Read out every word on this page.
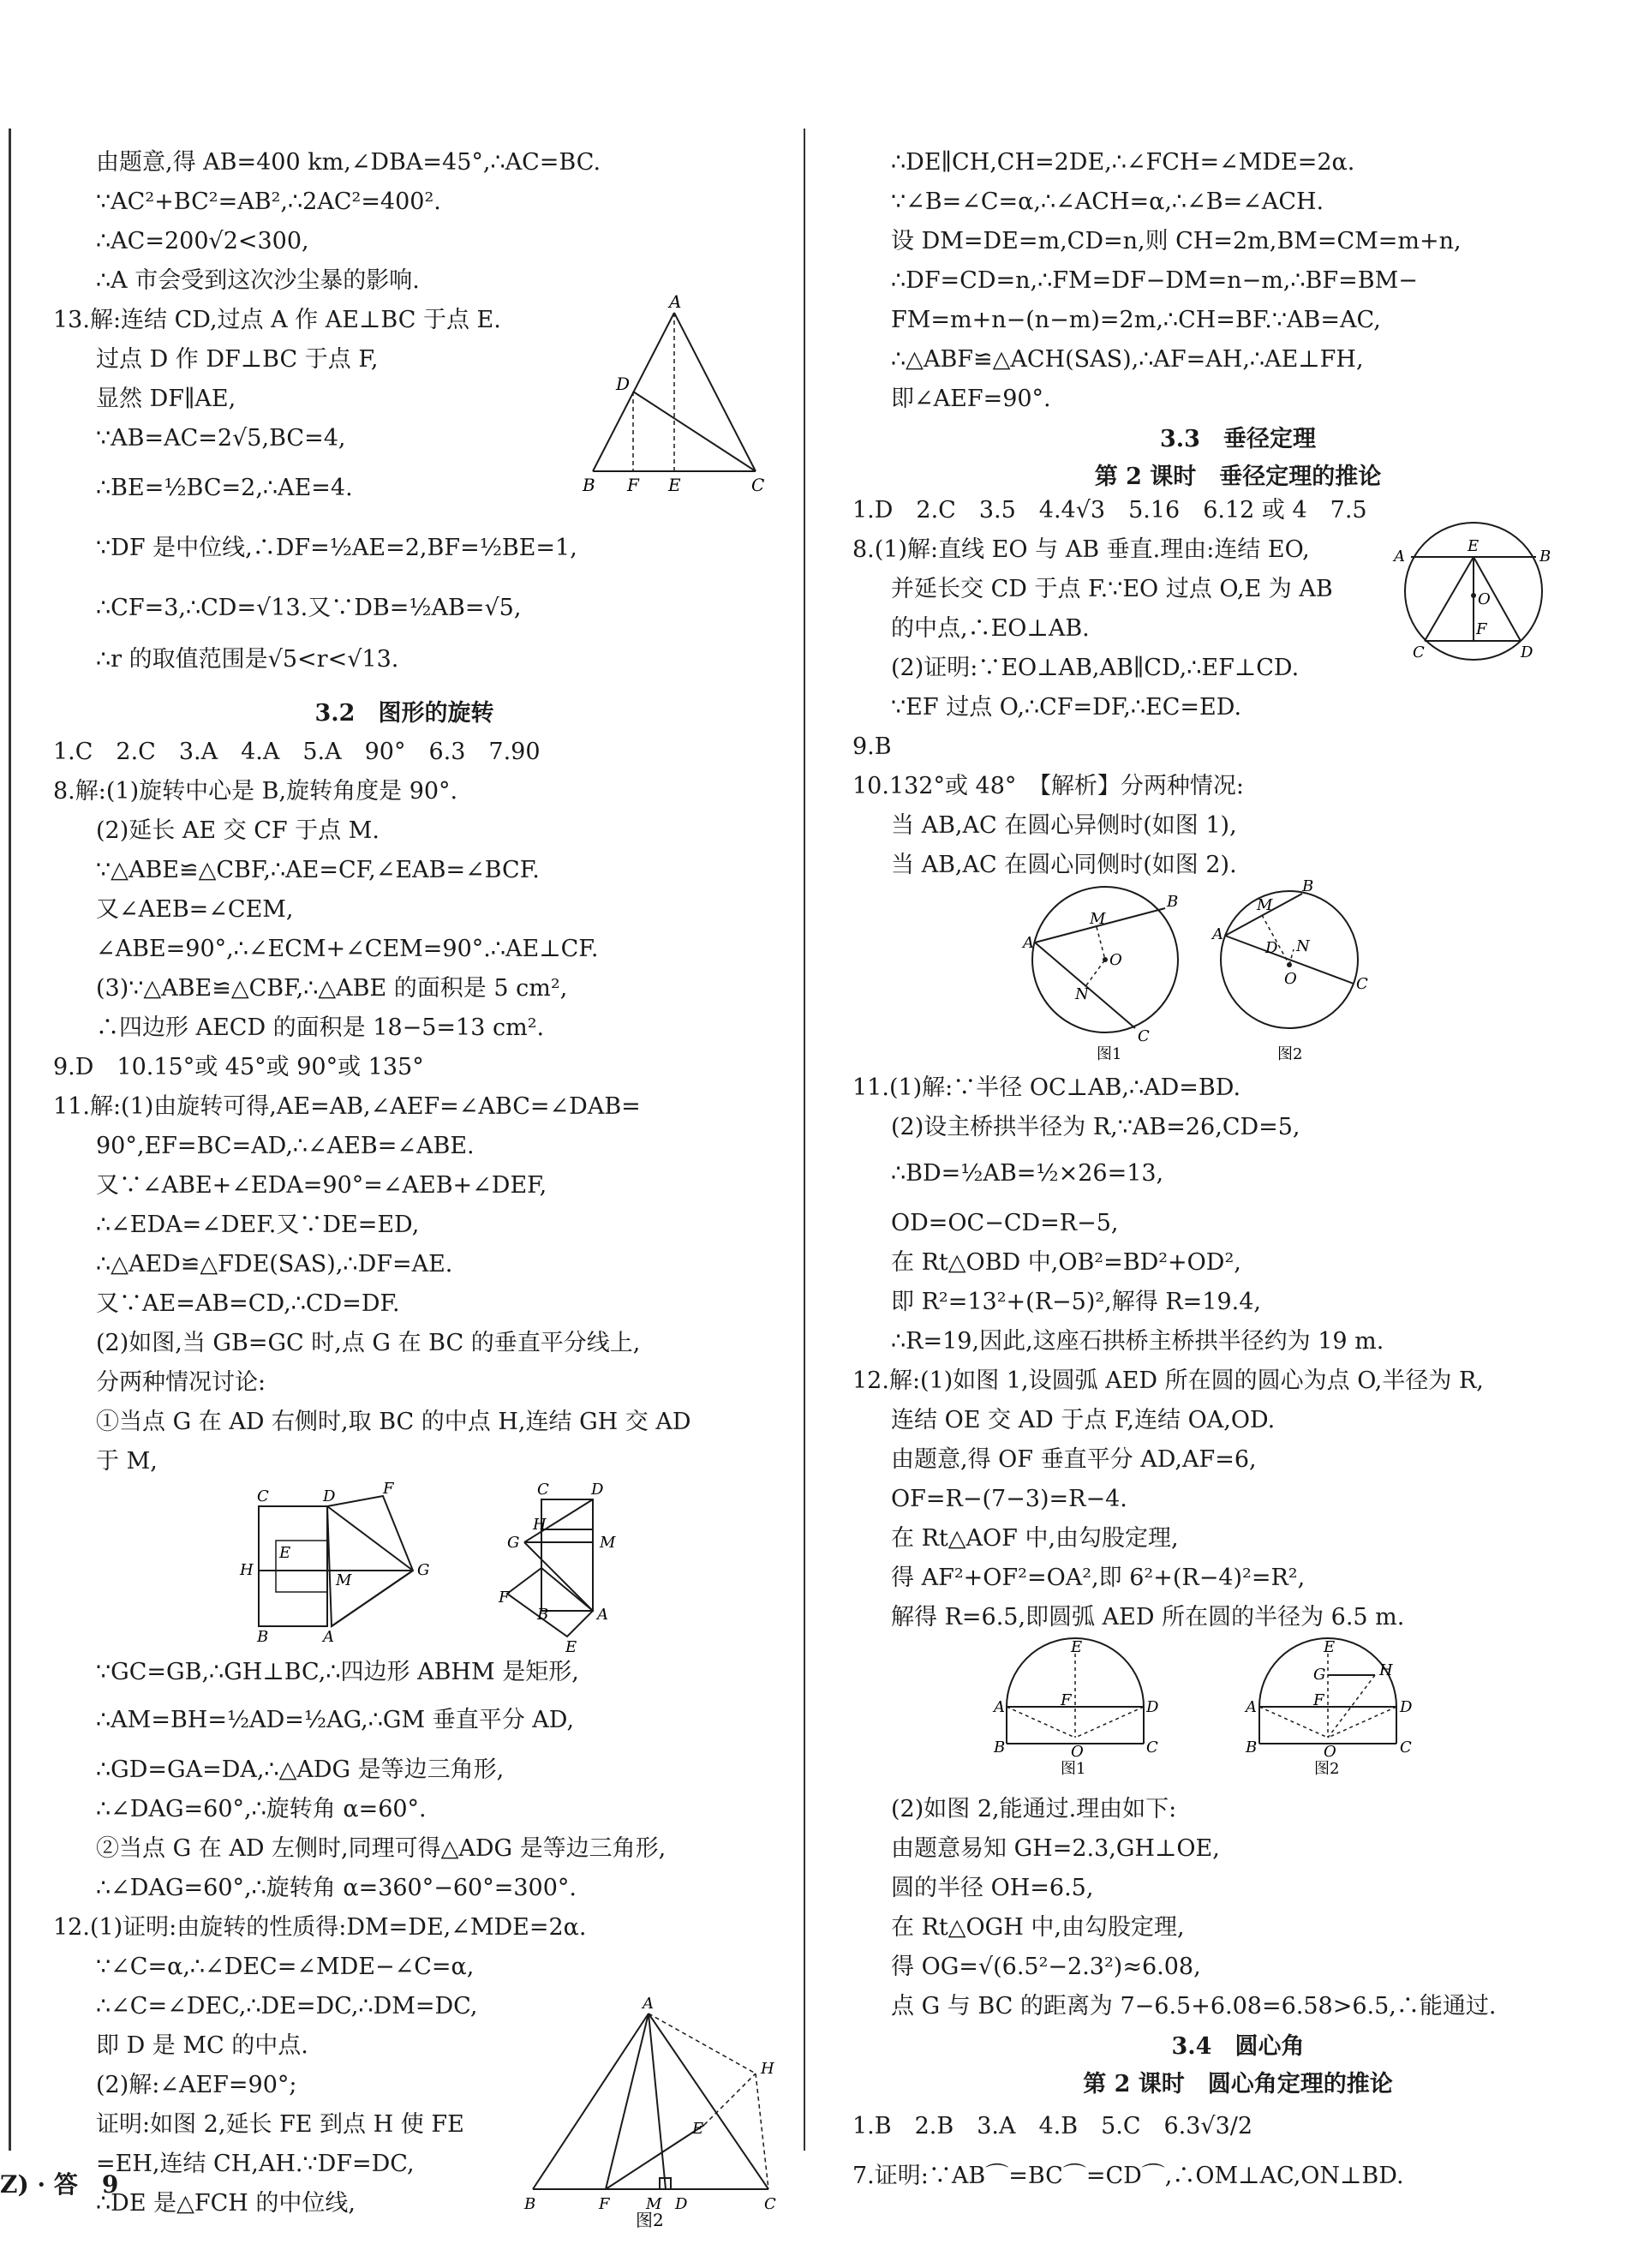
由题意,得 AB=400 km,∠DBA=45°,∴AC=BC.
∵AC²+BC²=AB²,∴2AC²=400².
∴AC=200√2<300,
∴A 市会受到这次沙尘暴的影响.
13.解:连结 CD,过点 A 作 AE⊥BC 于点 E.
过点 D 作 DF⊥BC 于点 F,
显然 DF∥AE,
∵AB=AC=2√5,BC=4,
∴BE=½BC=2,∴AE=4.
∵DF 是中位线,∴DF=½AE=2,BF=½BE=1,
∴CF=3,∴CD=√13.又∵DB=½AB=√5,
∴r 的取值范围是√5<r<√13.
A
D
B F E	C
3.2　图形的旋转
1.C　2.C　3.A　4.A　5.A　90°　6.3　7.90
8.解:(1)旋转中心是 B,旋转角度是 90°.
(2)延长 AE 交 CF 于点 M.
∵△ABE≌△CBF,∴AE=CF,∠EAB=∠BCF.
又∠AEB=∠CEM,
∠ABE=90°,∴∠ECM+∠CEM=90°.∴AE⊥CF.
(3)∵△ABE≌△CBF,∴△ABE 的面积是 5 cm²,
∴四边形 AECD 的面积是 18−5=13 cm².
9.D　10.15°或 45°或 90°或 135°
11.解:(1)由旋转可得,AE=AB,∠AEF=∠ABC=∠DAB=
90°,EF=BC=AD,∴∠AEB=∠ABE.
又∵∠ABE+∠EDA=90°=∠AEB+∠DEF,
∴∠EDA=∠DEF.又∵DE=ED,
∴△AED≌△FDE(SAS),∴DF=AE.
又∵AE=AB=CD,∴CD=DF.
(2)如图,当 GB=GC 时,点 G 在 BC 的垂直平分线上,
分两种情况讨论:
①当点 G 在 AD 右侧时,取 BC 的中点 H,连结 GH 交 AD
于 M,
C	D	F
E
H
M
G
B	A
C	D
H
G	M
F
B	A
E
∵GC=GB,∴GH⊥BC,∴四边形 ABHM 是矩形,
∴AM=BH=½AD=½AG,∴GM 垂直平分 AD,
∴GD=GA=DA,∴△ADG 是等边三角形,
∴∠DAG=60°,∴旋转角 α=60°.
②当点 G 在 AD 左侧时,同理可得△ADG 是等边三角形,
∴∠DAG=60°,∴旋转角 α=360°−60°=300°.
12.(1)证明:由旋转的性质得:DM=DE,∠MDE=2α.
∵∠C=α,∴∠DEC=∠MDE−∠C=α,
∴∠C=∠DEC,∴DE=DC,∴DM=DC,
即 D 是 MC 的中点.
(2)解:∠AEF=90°;
证明:如图 2,延长 FE 到点 H 使 FE
=EH,连结 CH,AH.∵DF=DC,
∴DE 是△FCH 的中位线,
A
H
E
B	F M D	C
图2
∴DE∥CH,CH=2DE,∴∠FCH=∠MDE=2α.
∵∠B=∠C=α,∴∠ACH=α,∴∠B=∠ACH.
设 DM=DE=m,CD=n,则 CH=2m,BM=CM=m+n,
∴DF=CD=n,∴FM=DF−DM=n−m,∴BF=BM−
FM=m+n−(n−m)=2m,∴CH=BF.∵AB=AC,
∴△ABF≌△ACH(SAS),∴AF=AH,∴AE⊥FH,
即∠AEF=90°.
3.3　垂径定理
第 2 课时　垂径定理的推论
1.D　2.C　3.5　4.4√3　5.16　6.12 或 4　7.5
8.(1)解:直线 EO 与 AB 垂直.理由:连结 EO,
并延长交 CD 于点 F.∵EO 过点 O,E 为 AB
的中点,∴EO⊥AB.
(2)证明:∵EO⊥AB,AB∥CD,∴EF⊥CD.
∵EF 过点 O,∴CF=DF,∴EC=ED.
9.B
10.132°或 48°　【解析】分两种情况:
当 AB,AC 在圆心异侧时(如图 1),
当 AB,AC 在圆心同侧时(如图 2).
A	B
E
O
F
C	D
A
B
M
O
N
C
图1
A
B
M
D N
O	C
图2
11.(1)解:∵半径 OC⊥AB,∴AD=BD.
(2)设主桥拱半径为 R,∵AB=26,CD=5,
∴BD=½AB=½×26=13,
OD=OC−CD=R−5,
在 Rt△OBD 中,OB²=BD²+OD²,
即 R²=13²+(R−5)²,解得 R=19.4,
∴R=19,因此,这座石拱桥主桥拱半径约为 19 m.
12.解:(1)如图 1,设圆弧 AED 所在圆的圆心为点 O,半径为 R,
连结 OE 交 AD 于点 F,连结 OA,OD.
由题意,得 OF 垂直平分 AD,AF=6,
OF=R−(7−3)=R−4.
在 Rt△AOF 中,由勾股定理,
得 AF²+OF²=OA²,即 6²+(R−4)²=R²,
解得 R=6.5,即圆弧 AED 所在圆的半径为 6.5 m.
E
A	F	D
B	O	C
图1
E
G	H
A	F	D
B	O	C
图2
(2)如图 2,能通过.理由如下:
由题意易知 GH=2.3,GH⊥OE,
圆的半径 OH=6.5,
在 Rt△OGH 中,由勾股定理,
得 OG=√(6.5²−2.3²)≈6.08,
点 G 与 BC 的距离为 7−6.5+6.08=6.58>6.5,∴能通过.
3.4　圆心角
第 2 课时　圆心角定理的推论
1.B　2.B　3.A　4.B　5.C　6.3√3/2
7.证明:∵AB⌒=BC⌒=CD⌒,∴OM⊥AC,ON⊥BD.
Z) · 答　9
